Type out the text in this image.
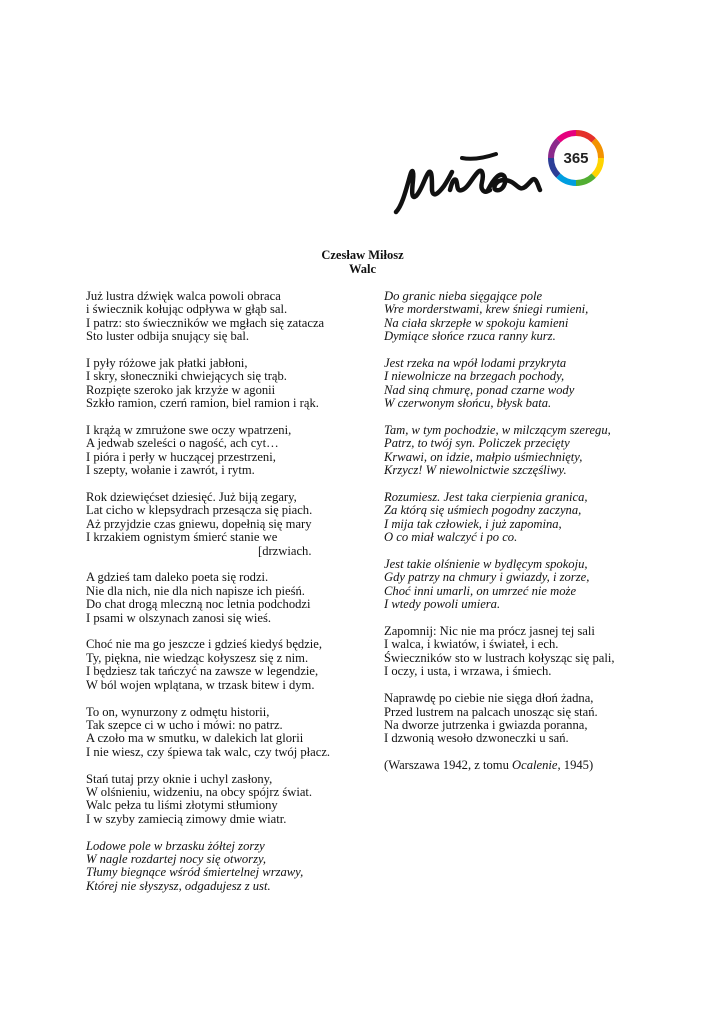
365
Czesław Miłosz
Walc
Już lustra dźwięk walca powoli obraca
i świecznik kołując odpływa w głąb sal.
I patrz: sto świeczników we mgłach się zatacza
Sto luster odbija snujący się bal.
I pyły różowe jak płatki jabłoni,
I skry, słoneczniki chwiejących się trąb.
Rozpięte szeroko jak krzyże w agonii
Szkło ramion, czerń ramion, biel ramion i rąk.
I krążą w zmrużone swe oczy wpatrzeni,
A jedwab szeleści o nagość, ach cyt…
I pióra i perły w huczącej przestrzeni,
I szepty, wołanie i zawrót, i rytm.
Rok dziewięćset dziesięć. Już biją zegary,
Lat cicho w klepsydrach przesącza się piach.
Aż przyjdzie czas gniewu, dopełnią się mary
I krzakiem ognistym śmierć stanie we
[drzwiach.
A gdzieś tam daleko poeta się rodzi.
Nie dla nich, nie dla nich napisze ich pieśń.
Do chat drogą mleczną noc letnia podchodzi
I psami w olszynach zanosi się wieś.
Choć nie ma go jeszcze i gdzieś kiedyś będzie,
Ty, piękna, nie wiedząc kołyszesz się z nim.
I będziesz tak tańczyć na zawsze w legendzie,
W ból wojen wplątana, w trzask bitew i dym.
To on, wynurzony z odmętu historii,
Tak szepce ci w ucho i mówi: no patrz.
A czoło ma w smutku, w dalekich lat glorii
I nie wiesz, czy śpiewa tak walc, czy twój płacz.
Stań tutaj przy oknie i uchyl zasłony,
W olśnieniu, widzeniu, na obcy spójrz świat.
Walc pełza tu liśmi złotymi stłumiony
I w szyby zamiecią zimowy dmie wiatr.
Lodowe pole w brzasku żółtej zorzy
W nagle rozdartej nocy się otworzy,
Tłumy biegnące wśród śmiertelnej wrzawy,
Której nie słyszysz, odgadujesz z ust.
Do granic nieba sięgające pole
Wre morderstwami, krew śniegi rumieni,
Na ciała skrzepłe w spokoju kamieni
Dymiące słońce rzuca ranny kurz.
Jest rzeka na wpół lodami przykryta
I niewolnicze na brzegach pochody,
Nad siną chmurę, ponad czarne wody
W czerwonym słońcu, błysk bata.
Tam, w tym pochodzie, w milczącym szeregu,
Patrz, to twój syn. Policzek przecięty
Krwawi, on idzie, małpio uśmiechnięty,
Krzycz! W niewolnictwie szczęśliwy.
Rozumiesz. Jest taka cierpienia granica,
Za którą się uśmiech pogodny zaczyna,
I mija tak człowiek, i już zapomina,
O co miał walczyć i po co.
Jest takie olśnienie w bydlęcym spokoju,
Gdy patrzy na chmury i gwiazdy, i zorze,
Choć inni umarli, on umrzeć nie może
I wtedy powoli umiera.
Zapomnij: Nic nie ma prócz jasnej tej sali
I walca, i kwiatów, i świateł, i ech.
Świeczników sto w lustrach kołysząc się pali,
I oczy, i usta, i wrzawa, i śmiech.
Naprawdę po ciebie nie sięga dłoń żadna,
Przed lustrem na palcach unosząc się stań.
Na dworze jutrzenka i gwiazda poranna,
I dzwonią wesoło dzwoneczki u sań.
(Warszawa 1942, z tomu Ocalenie, 1945)
